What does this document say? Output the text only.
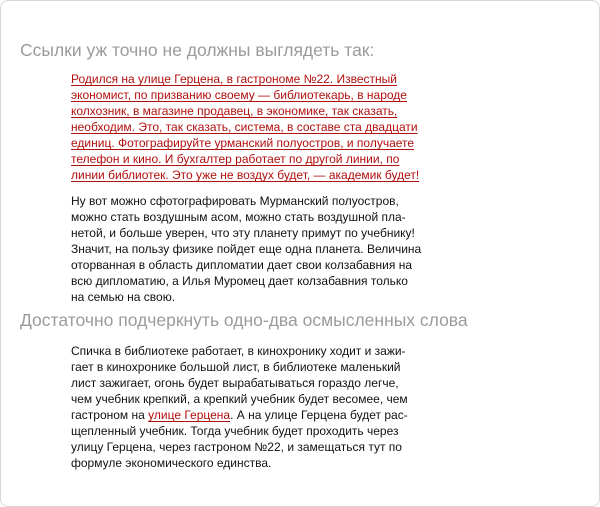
Ссылки уж точно не должны выглядеть так:
Родился на улице Герцена, в гастрономе №22. Известный
экономист, по призванию своему — библиотекарь, в народе
колхозник, в магазине продавец, в экономике, так сказать,
необходим. Это, так сказать, система, в составе ста двадцати
единиц. Фотографируйте урманский полуостров, и получаете
телефон и кино. И бухгалтер работает по другой линии, по
линии библиотек. Это уже не воздух будет, — академик будет!
Ну вот можно сфотографировать Мурманский полуостров,
можно стать воздушным асом, можно стать воздушной пла-
нетой, и больше уверен, что эту планету примут по учебнику!
Значит, на пользу физике пойдет еще одна планета. Величина
оторванная в область дипломатии дает свои колзабавния на
всю дипломатию, а Илья Муромец дает колзабавния только
на семью на свою.
Достаточно подчеркнуть одно-два осмысленных слова
Спичка в библиотеке работает, в кинохронику ходит и зажи-
гает в кинохронике большой лист, в библиотеке маленький
лист зажигает, огонь будет вырабатываться гораздо легче,
чем учебник крепкий, а крепкий учебник будет весомее, чем
гастроном на улице Герцена. А на улице Герцена будет рас-
щепленный учебник. Тогда учебник будет проходить через
улицу Герцена, через гастроном №22, и замещаться тут по
формуле экономического единства.
